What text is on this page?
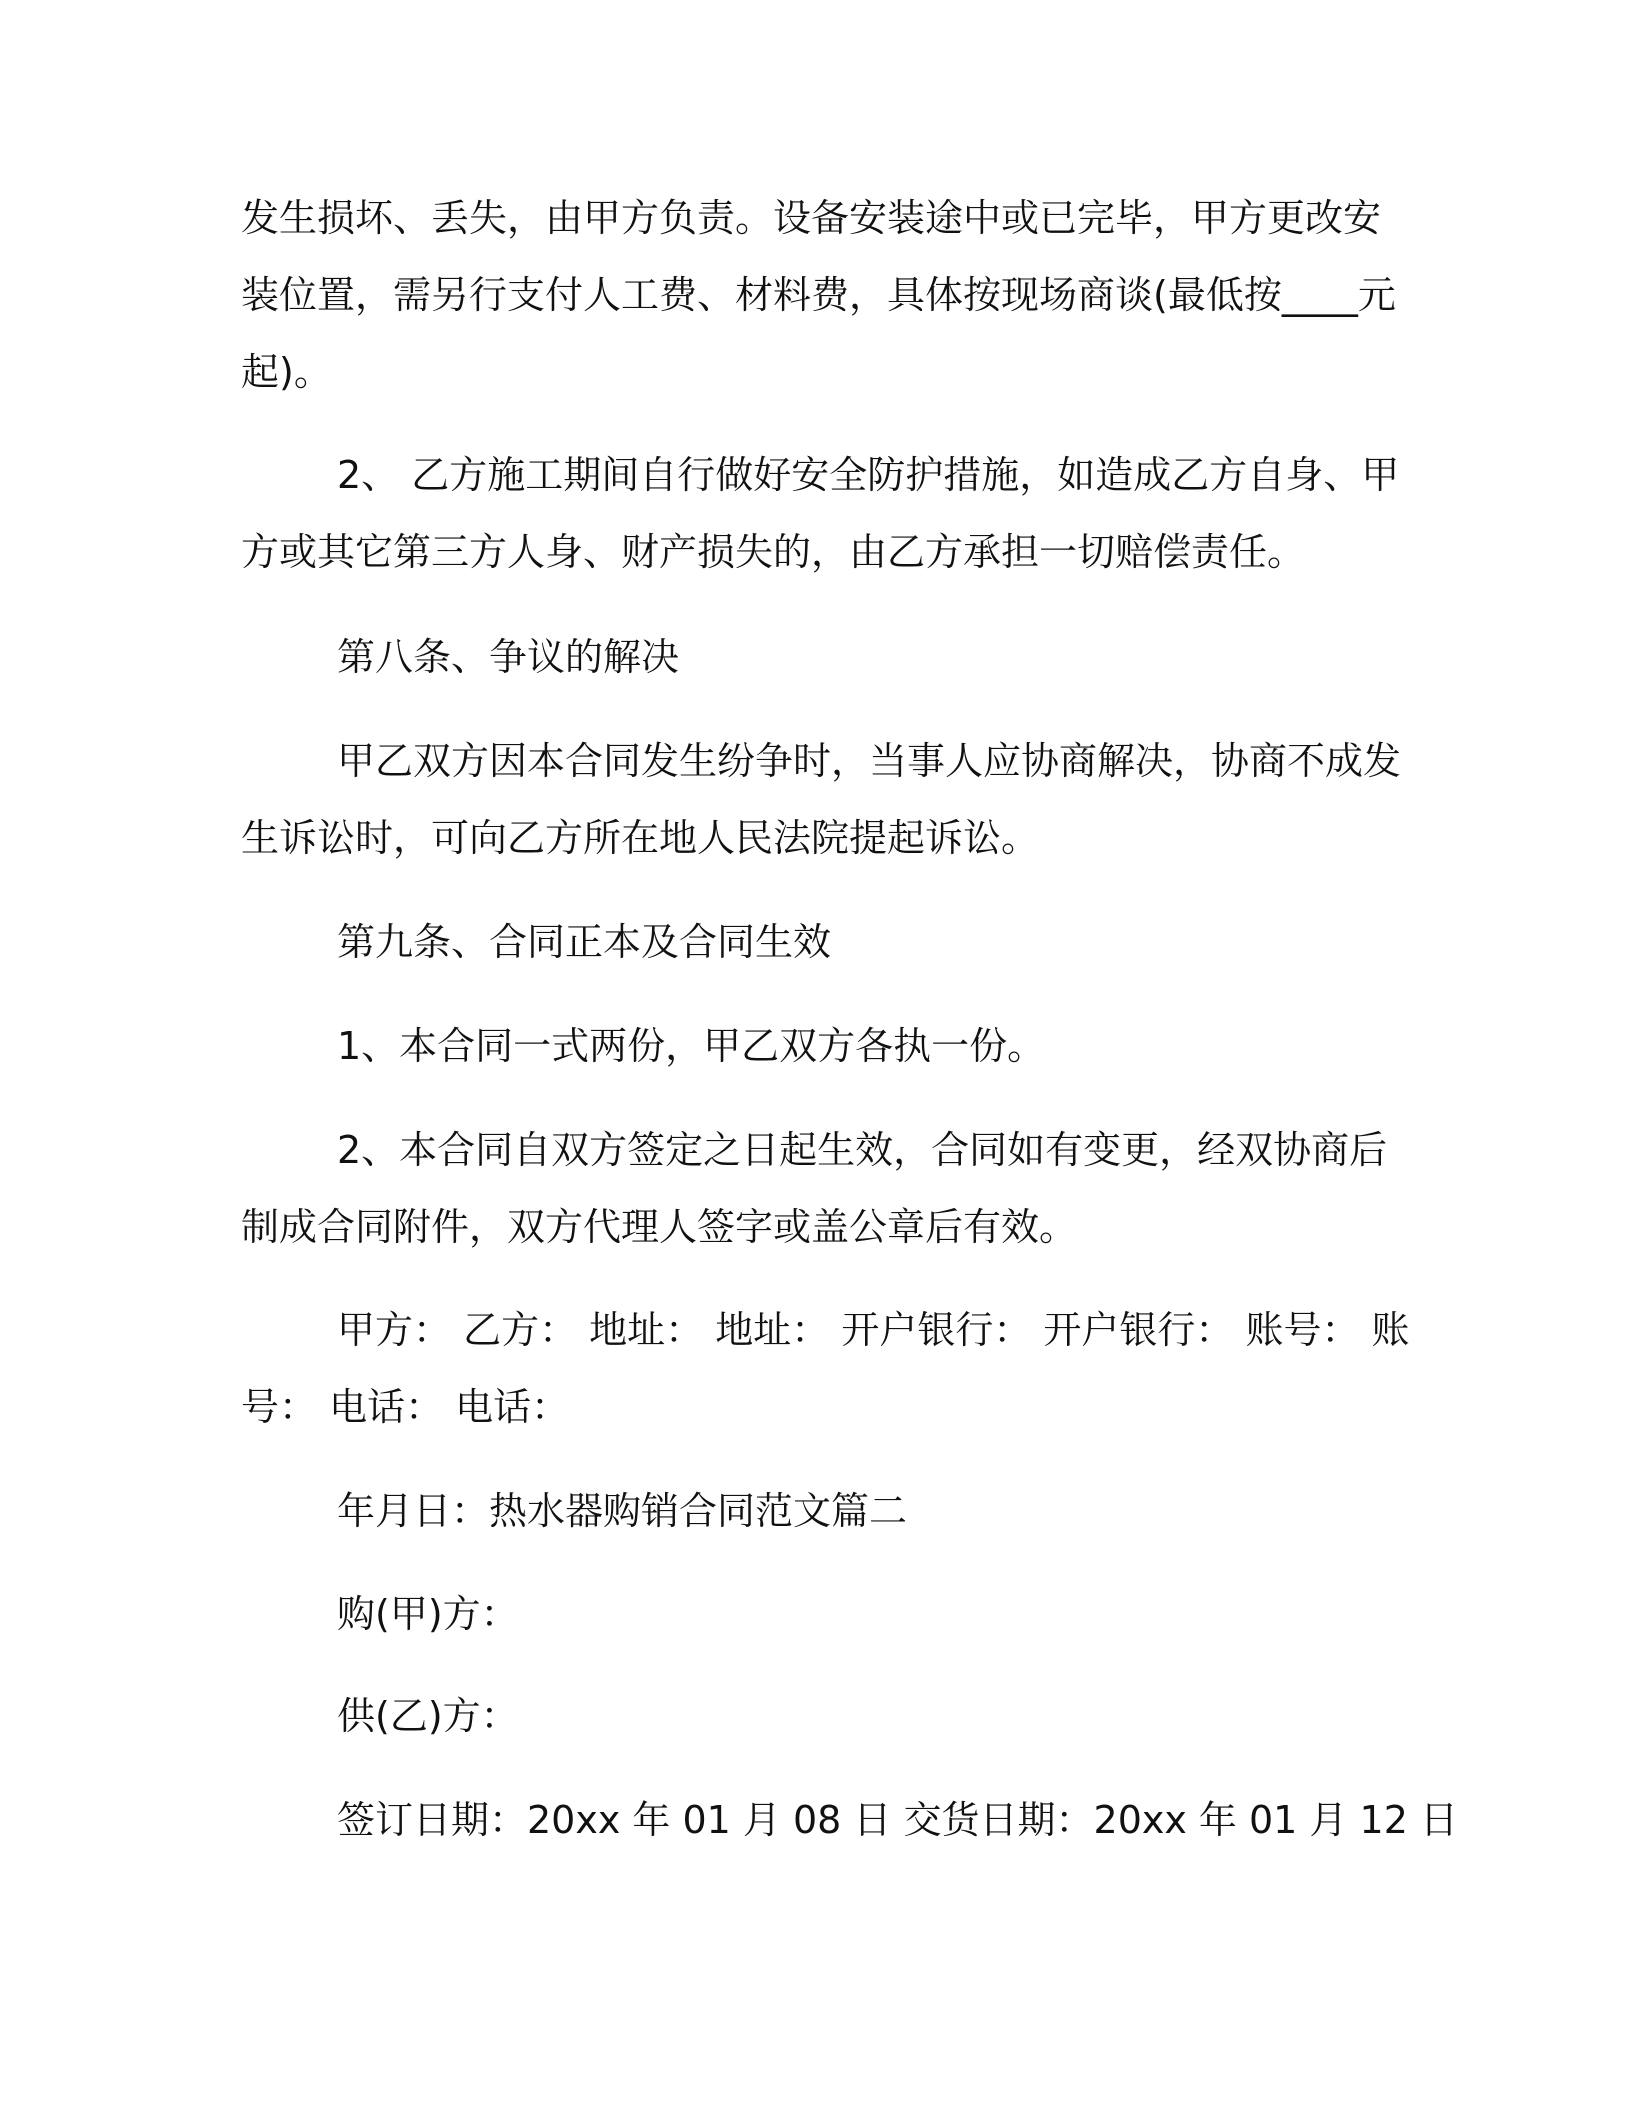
发生损坏、丢失，由甲方负责。设备安装途中或已完毕，甲方更改安

装位置，需另行支付人工费、材料费，具体按现场商谈(最低按____元

起)。

2、 乙方施工期间自行做好安全防护措施，如造成乙方自身、甲

方或其它第三方人身、财产损失的，由乙方承担一切赔偿责任。

第八条、争议的解决

甲乙双方因本合同发生纷争时，当事人应协商解决，协商不成发

生诉讼时，可向乙方所在地人民法院提起诉讼。

第九条、合同正本及合同生效

1、本合同一式两份，甲乙双方各执一份。

2、本合同自双方签定之日起生效，合同如有变更，经双协商后

制成合同附件，双方代理人签字或盖公章后有效。

甲方： 乙方： 地址： 地址： 开户银行： 开户银行： 账号： 账

号： 电话： 电话：

年月日：热水器购销合同范文篇二

购(甲)方：

供(乙)方：

签订日期：20xx 年 01 月 08 日 交货日期：20xx 年 01 月 12 日
